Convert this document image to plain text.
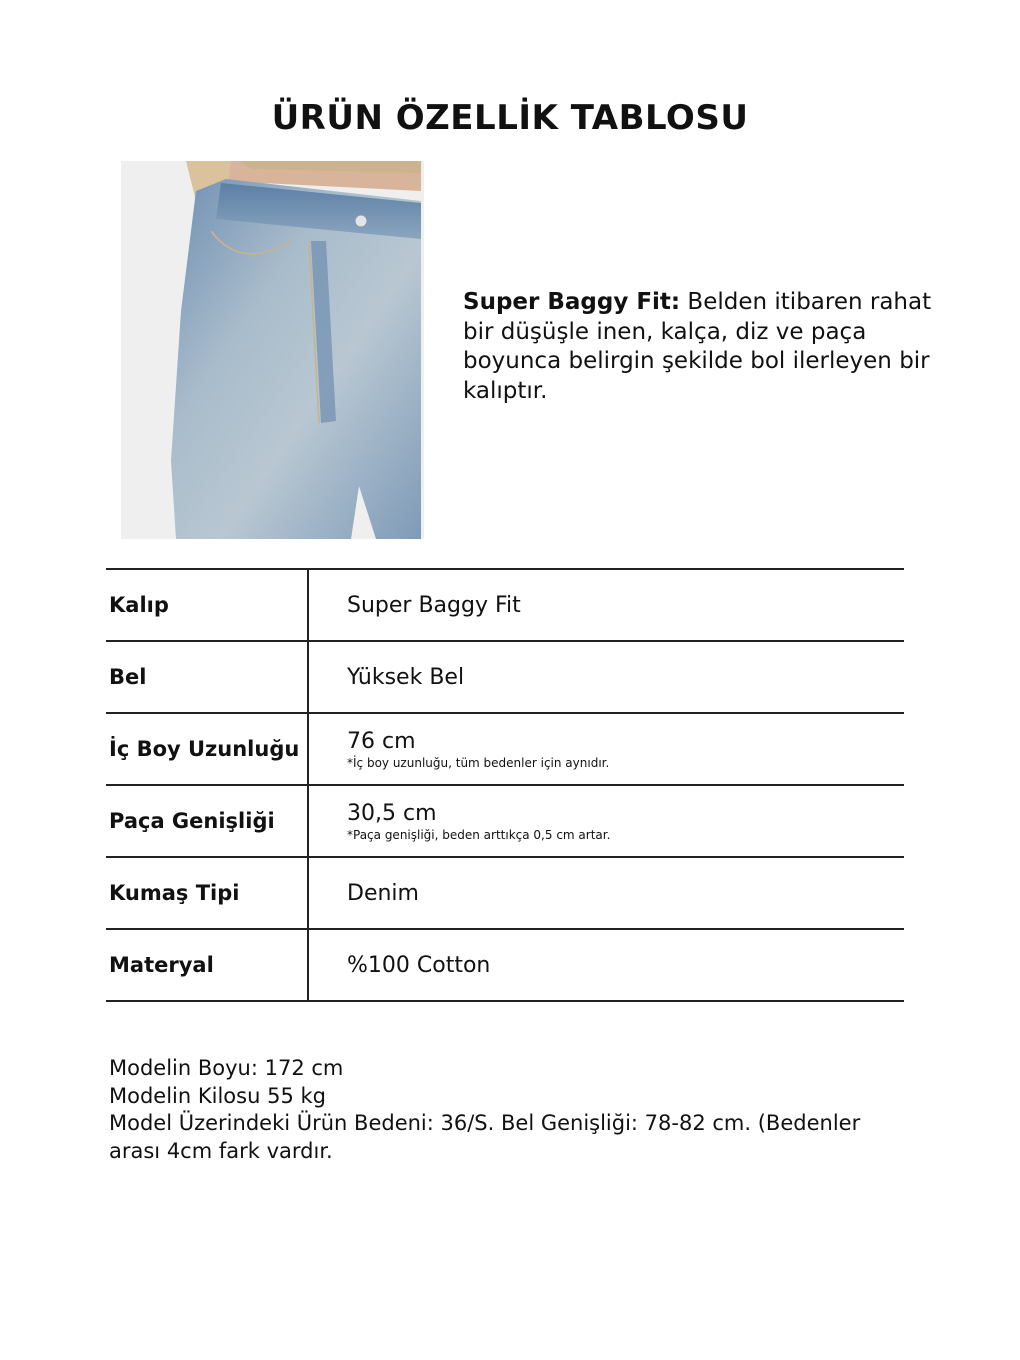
ÜRÜN ÖZELLİK TABLOSU
Super Baggy Fit: Belden itibaren rahat bir düşüşle inen, kalça, diz ve paça boyunca belirgin şekilde bol ilerleyen bir kalıptır.
Kalıp	Super Baggy Fit
Bel	Yüksek Bel
İç Boy Uzunluğu 76 cm
*İç boy uzunluğu, tüm bedenler için aynıdır.
Paça Genişliği	30,5 cm
*Paça genişliği, beden arttıkça 0,5 cm artar.
Kumaş Tipi	Denim
Materyal	%100 Cotton
Modelin Boyu: 172 cm
Modelin Kilosu 55 kg
Model Üzerindeki Ürün Bedeni: 36/S. Bel Genişliği: 78-82 cm. (Bedenler arası 4cm fark vardır.
